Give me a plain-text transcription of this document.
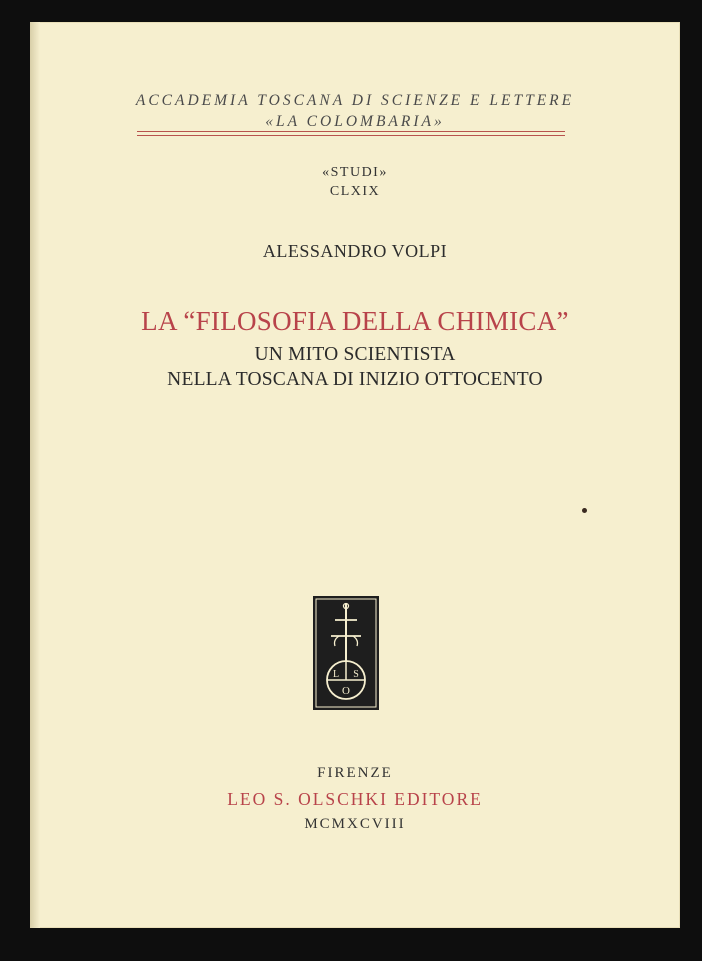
ACCADEMIA TOSCANA DI SCIENZE E LETTERE
«LA COLOMBARIA»
«STUDI»
CLXIX
ALESSANDRO VOLPI
LA “FILOSOFIA DELLA CHIMICA”
UN MITO SCIENTISTA
NELLA TOSCANA DI INIZIO OTTOCENTO
L S
O
FIRENZE
LEO S. OLSCHKI EDITORE
MCMXCVIII
